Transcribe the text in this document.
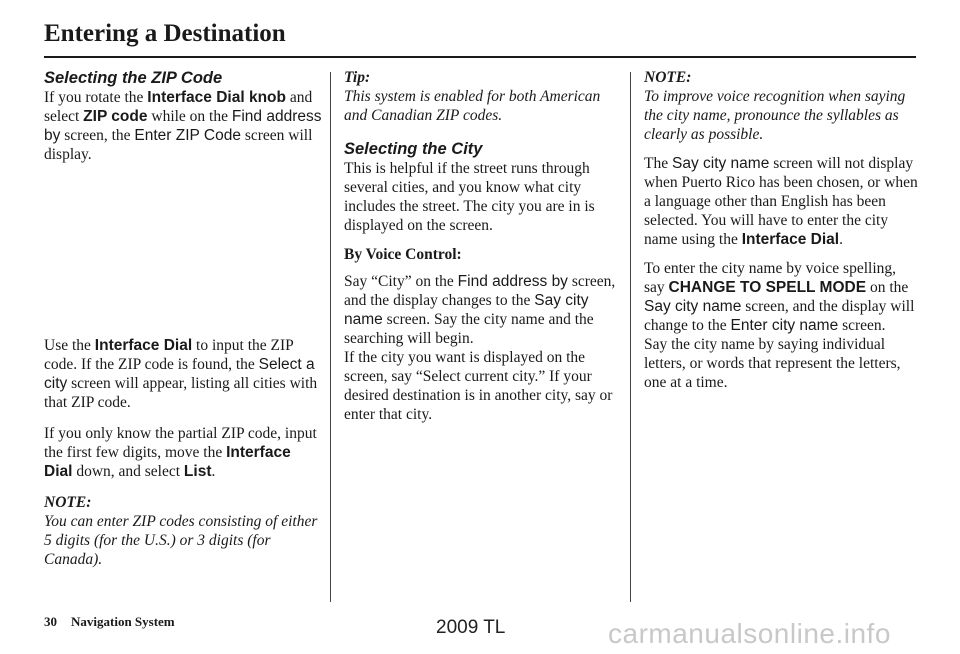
Entering a Destination
Selecting the ZIP Code

If you rotate the Interface Dial knob and select ZIP code while on the Find address by screen, the Enter ZIP Code screen will display.

Use the Interface Dial to input the ZIP code. If the ZIP code is found, the Select a city screen will appear, listing all cities with that ZIP code.

If you only know the partial ZIP code, input the first few digits, move the Interface Dial down, and select List.

NOTE:

You can enter ZIP codes consisting of either 5 digits (for the U.S.) or 3 digits (for Canada).

Tip:

This system is enabled for both American and Canadian ZIP codes.

Selecting the City

This is helpful if the street runs through several cities, and you know what city includes the street. The city you are in is displayed on the screen.

By Voice Control:

Say “City” on the Find address by screen, and the display changes to the Say city name screen. Say the city name and the searching will begin.

If the city you want is displayed on the screen, say “Select current city.” If your desired destination is in another city, say or enter that city.

NOTE:

To improve voice recognition when saying the city name, pronounce the syllables as clearly as possible.

The Say city name screen will not display when Puerto Rico has been chosen, or when a language other than English has been selected. You will have to enter the city name using the Interface Dial.

To enter the city name by voice spelling, say CHANGE TO SPELL MODE on the Say city name screen, and the display will change to the Enter city name screen.

Say the city name by saying individual letters, or words that represent the letters, one at a time.

30 Navigation System	2009 TL	carmanualsonline.info
